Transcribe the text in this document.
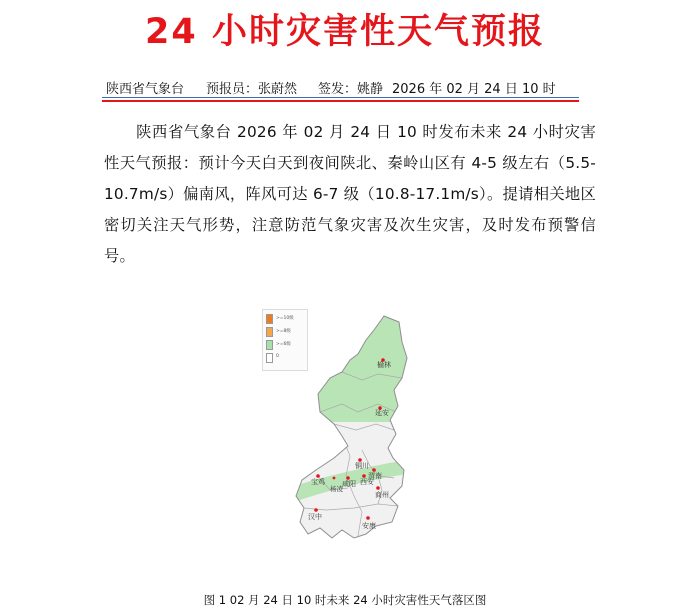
24 小时灾害性天气预报
陕西省气象台 预报员：张蔚然 签发：姚静 2026 年 02 月 24 日 10 时
陕西省气象台 2026 年 02 月 24 日 10 时发布未来 24 小时灾害性天气预报：预计今天白天到夜间陕北、秦岭山区有 4-5 级左右（5.5-10.7m/s）偏南风，阵风可达 6-7 级（10.8-17.1m/s）。提请相关地区密切关注天气形势，注意防范气象灾害及次生灾害，及时发布预警信号。
>=10级
>=8级
>=6级
0
榆林
延安
铜川
宝鸡 咸阳 西安
渭南
杨凌
商州
汉中
安康
图 1 02 月 24 日 10 时未来 24 小时灾害性天气落区图
